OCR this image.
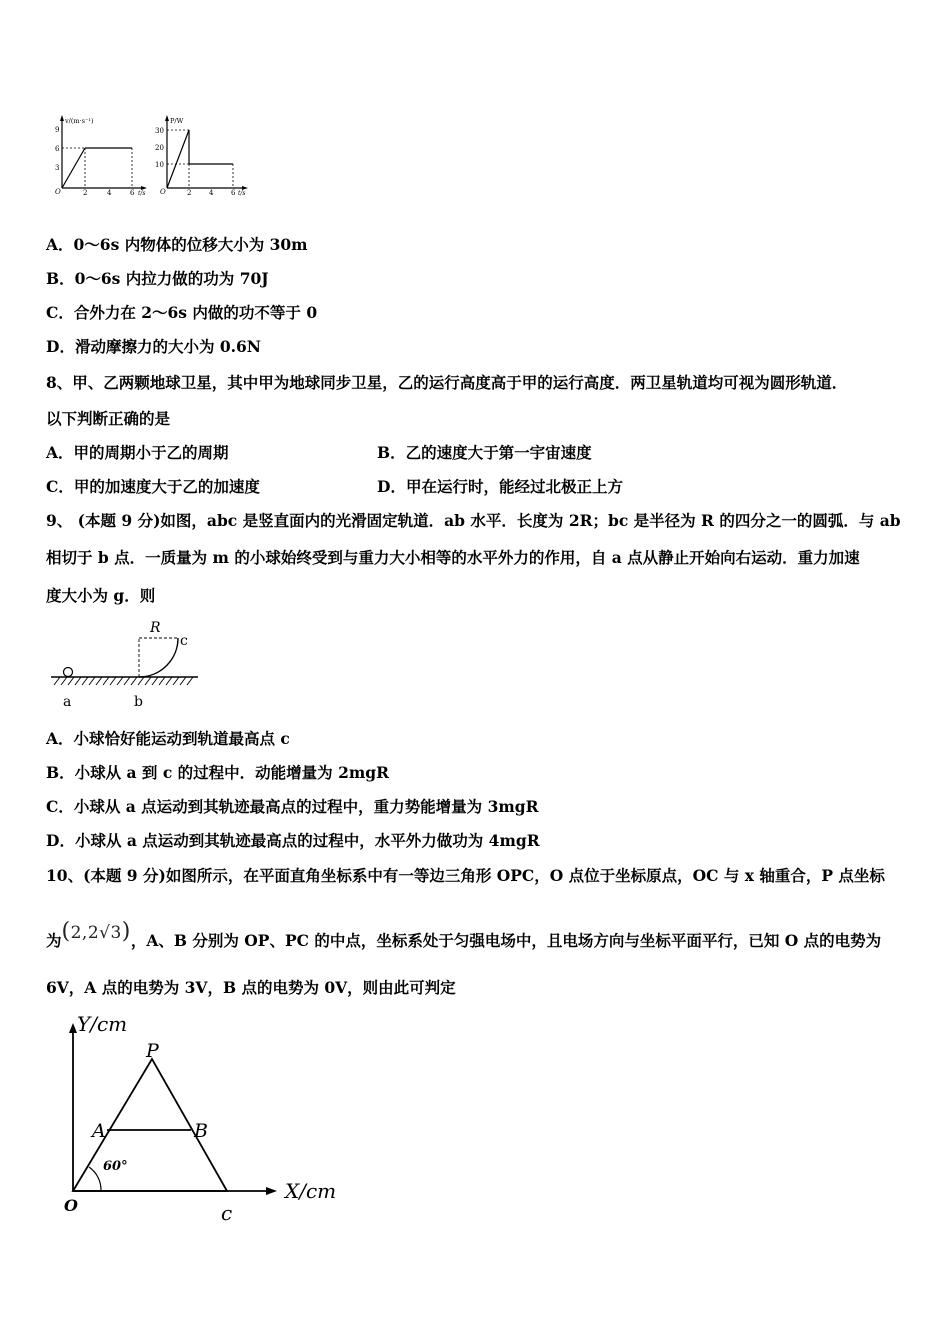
v/(m·s⁻¹)
9
6
3
O	2	4	6 t/s
P/W
30
20
10
O	2	4	6 t/s
A．0～6s 内物体的位移大小为 30m
B．0～6s 内拉力做的功为 70J
C．合外力在 2～6s 内做的功不等于 0
D．滑动摩擦力的大小为 0.6N
8、甲、乙两颗地球卫星，其中甲为地球同步卫星，乙的运行高度高于甲的运行高度．两卫星轨道均可视为圆形轨道．
以下判断正确的是
A．甲的周期小于乙的周期	B．乙的速度大于第一宇宙速度
C．甲的加速度大于乙的加速度	D．甲在运行时，能经过北极正上方
9、 (本题 9 分)如图，abc 是竖直面内的光滑固定轨道．ab 水平．长度为 2R；bc 是半径为 R 的四分之一的圆弧．与 ab
相切于 b 点．一质量为 m 的小球始终受到与重力大小相等的水平外力的作用，自 a 点从静止开始向右运动．重力加速
度大小为 g．则
R
c
a	b
A．小球恰好能运动到轨道最高点 c
B．小球从 a 到 c 的过程中．动能增量为 2mgR
C．小球从 a 点运动到其轨迹最高点的过程中，重力势能增量为 3mgR
D．小球从 a 点运动到其轨迹最高点的过程中，水平外力做功为 4mgR
10、(本题 9 分)如图所示，在平面直角坐标系中有一等边三角形 OPC，O 点位于坐标原点，OC 与 x 轴重合，P 点坐标
为(2,2√3)，A、B 分别为 OP、PC 的中点，坐标系处于匀强电场中，且电场方向与坐标平面平行，已知 O 点的电势为
6V，A 点的电势为 3V，B 点的电势为 0V，则由此可判定
Y/cm
X/cm
P
A	B
O	c
60°
